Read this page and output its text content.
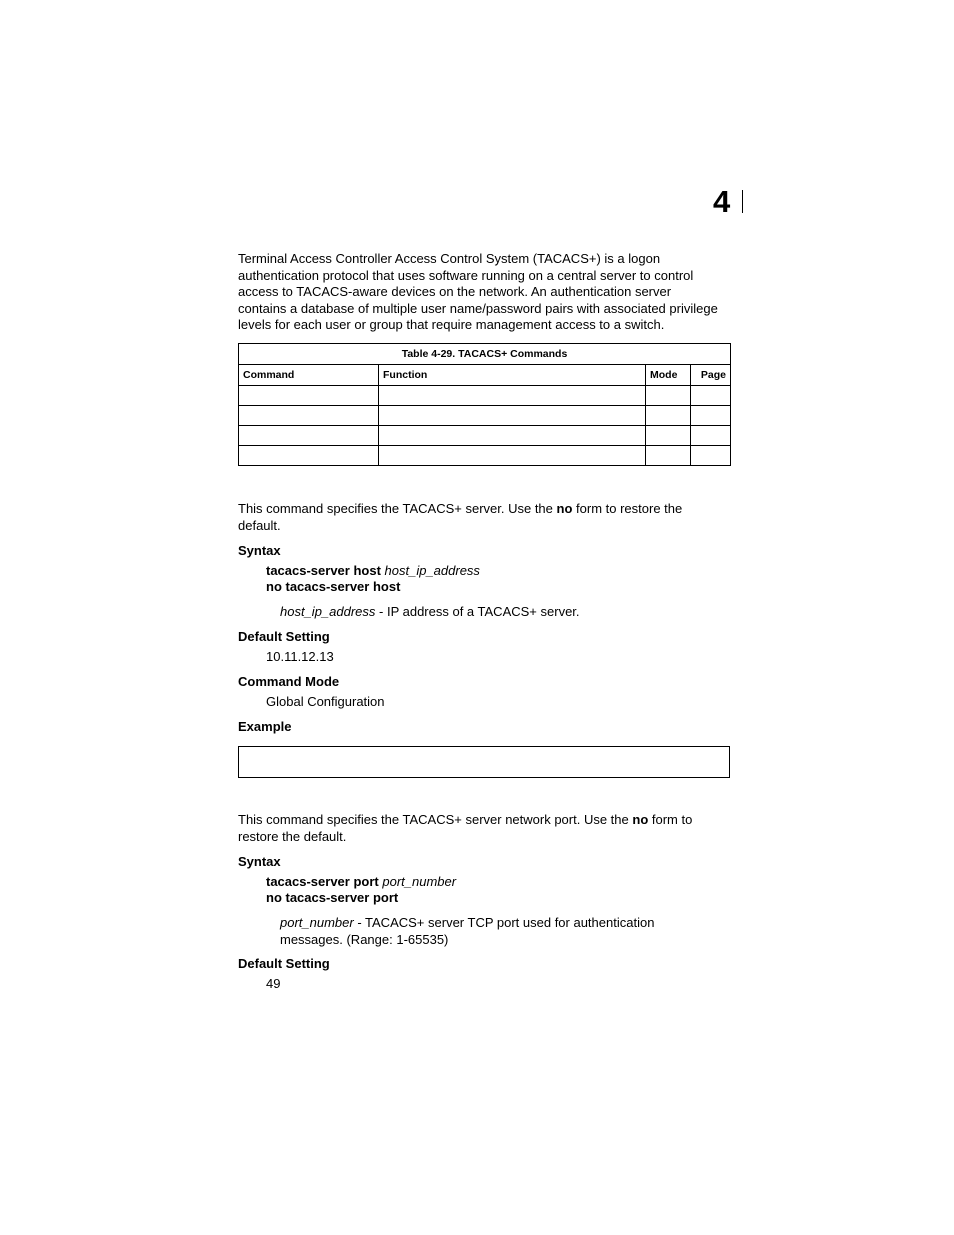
4
Terminal Access Controller Access Control System (TACACS+) is a logon
authentication protocol that uses software running on a central server to control
access to TACACS-aware devices on the network. An authentication server
contains a database of multiple user name/password pairs with associated privilege
levels for each user or group that require management access to a switch.
Table 4-29. TACACS+ Commands			
Command	Function	Mode	Page

This command specifies the TACACS+ server. Use the no form to restore the
default.
Syntax
tacacs-server host host_ip_address
no tacacs-server host
host_ip_address - IP address of a TACACS+ server.
Default Setting
10.11.12.13
Command Mode
Global Configuration
Example
This command specifies the TACACS+ server network port. Use the no form to
restore the default.
Syntax
tacacs-server port port_number
no tacacs-server port
port_number - TACACS+ server TCP port used for authentication
messages. (Range: 1-65535)
Default Setting
49
